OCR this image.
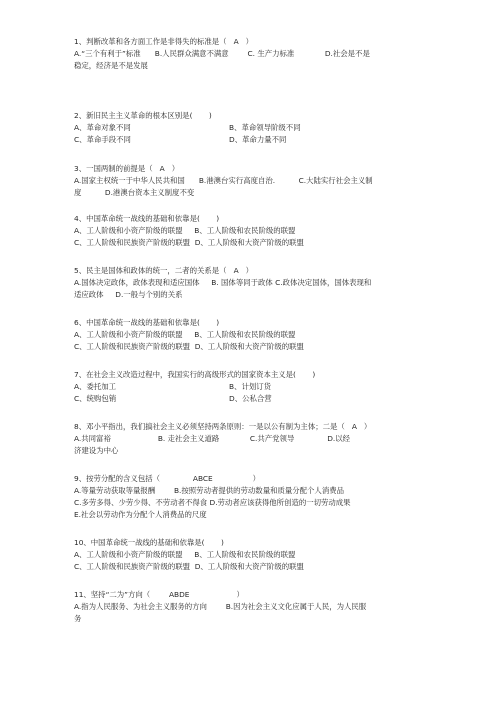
1、判断改革和各方面工作是非得失的标准是（   A   ）
A.“三个有利于”标准      B.人民群众满意不满意        C. 生产力标准             D.社会是不是
稳定，经济是不是发展
2、新旧民主主义革命的根本区别是(       )
A、革命对象不同	B、革命领导阶级不同
C、革命手段不同	D、革命力量不同
3、一国两制的前提是（   A   ）
A.国家主权统一于中华人民共和国      B.港澳台实行高度自治.          C.大陆实行社会主义制
度          D.港澳台资本主义制度不变
4、中国革命统一战线的基础和依靠是(       )
A、工人阶级和小资产阶级的联盟     B、工人阶级和农民阶级的联盟
C、工人阶级和民族资产阶级的联盟  D、工人阶级和大资产阶级的联盟
5、民主是国体和政体的统一，二者的关系是（   A   ）
A.国体决定政体，政体表现和适应国体     B. 国体等同于政体 C.政体决定国体，国体表现和
适应政体     D.一般与个别的关系
6、中国革命统一战线的基础和依靠是(       )
A、工人阶级和小资产阶级的联盟     B、工人阶级和农民阶级的联盟
C、工人阶级和民族资产阶级的联盟  D、工人阶级和大资产阶级的联盟
7、在社会主义改造过程中，我国实行的高级形式的国家资本主义是(       )
A、委托加工	B、计划订货
C、统购包销	D、公私合营
8、邓小平指出，我们搞社会主义必须坚持两条原则：一是以公有制为主体；二是（   A   ）
A.共同富裕                    B. 走社会主义道路             C.共产党领导              D.以经
济建设为中心
9、按劳分配的含义包括（              ABCE                 ）
A.等量劳动获取等量报酬        B.按照劳动者提供的劳动数量和质量分配个人消费品
C.多劳多得、少劳少得、不劳动者不得食 D.劳动者应该获得他所创造的一切劳动成果
E.社会以劳动作为分配个人消费品的尺度
10、中国革命统一战线的基础和依靠是(       )
A、工人阶级和小资产阶级的联盟     B、工人阶级和农民阶级的联盟
C、工人阶级和民族资产阶级的联盟  D、工人阶级和大资产阶级的联盟
11、坚持“二为”方向（        ABDE                    ）
A.指为人民服务、为社会主义服务的方向        B.因为社会主义文化应属于人民，为人民服
务
